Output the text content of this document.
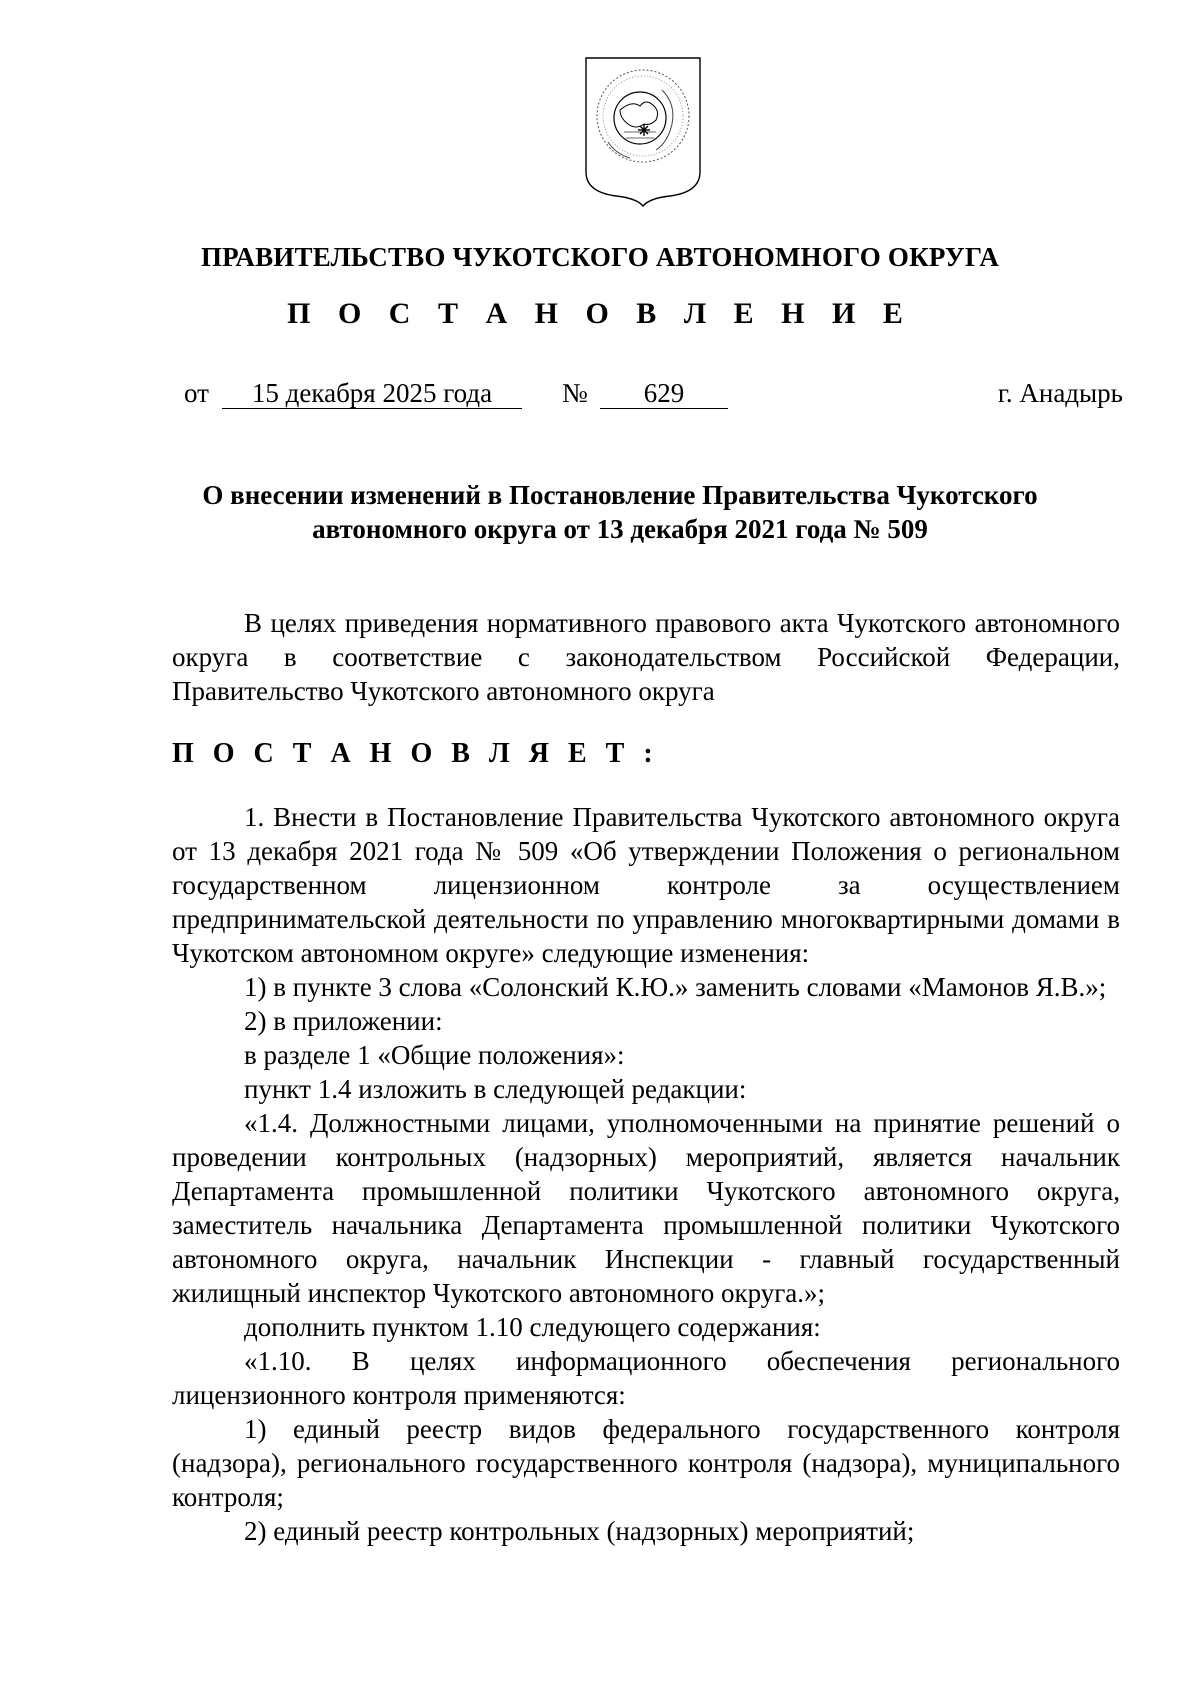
ПРАВИТЕЛЬСТВО ЧУКОТСКОГО АВТОНОМНОГО ОКРУГА
П О С Т А Н О В Л Е Н И Е
от	15 декабря 2025 года	№	629	г. Анадырь
О внесении изменений в Постановление Правительства Чукотского
автономного округа от 13 декабря 2021 года № 509

В целях приведения нормативного правового акта Чукотского автономного округа в соответствие с законодательством Российской Федерации, Правительство Чукотского автономного округа

П О С Т А Н О В Л Я Е Т :

1. Внести в Постановление Правительства Чукотского автономного округа от 13 декабря 2021 года № 509 «Об утверждении Положения о региональном государственном лицензионном контроле за осуществлением предпринимательской деятельности по управлению многоквартирными домами в Чукотском автономном округе» следующие изменения:

1) в пункте 3 слова «Солонский К.Ю.» заменить словами «Мамонов Я.В.»;

2) в приложении:

в разделе 1 «Общие положения»:

пункт 1.4 изложить в следующей редакции:

«1.4. Должностными лицами, уполномоченными на принятие решений о проведении контрольных (надзорных) мероприятий, является начальник Департамента промышленной политики Чукотского автономного округа, заместитель начальника Департамента промышленной политики Чукотского автономного округа, начальник Инспекции - главный государственный жилищный инспектор Чукотского автономного округа.»;

дополнить пунктом 1.10 следующего содержания:

«1.10. В целях информационного обеспечения регионального лицензионного контроля применяются:

1) единый реестр видов федерального государственного контроля (надзора), регионального государственного контроля (надзора), муниципального контроля;

2) единый реестр контрольных (надзорных) мероприятий;
